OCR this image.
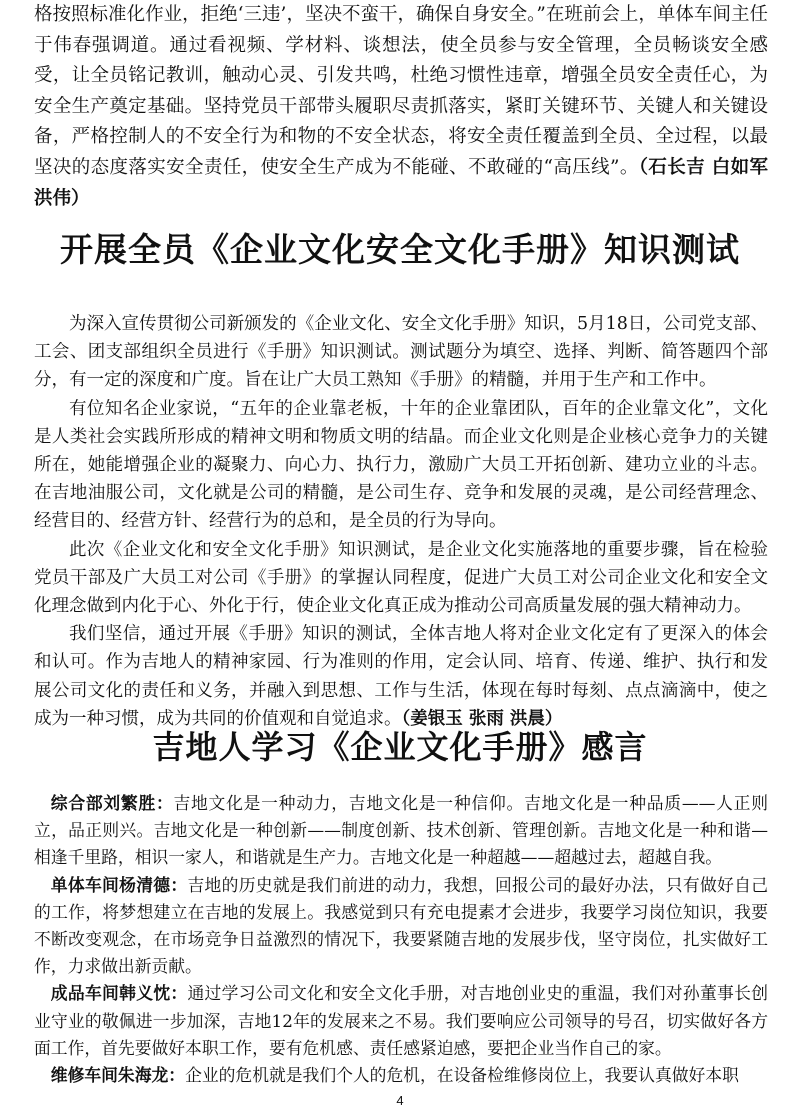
格按照标准化作业，拒绝‘三违’，坚决不蛮干，确保自身安全。”在班前会上，单体车间主任于伟春强调道。通过看视频、学材料、谈想法，使全员参与安全管理，全员畅谈安全感受，让全员铭记教训，触动心灵、引发共鸣，杜绝习惯性违章，增强全员安全责任心，为安全生产奠定基础。坚持党员干部带头履职尽责抓落实，紧盯关键环节、关键人和关键设备，严格控制人的不安全行为和物的不安全状态，将安全责任覆盖到全员、全过程，以最坚决的态度落实安全责任，使安全生产成为不能碰、不敢碰的“高压线”。（石长吉 白如军 洪伟）

开展全员《企业文化安全文化手册》知识测试

为深入宣传贯彻公司新颁发的《企业文化、安全文化手册》知识，5月18日，公司党支部、工会、团支部组织全员进行《手册》知识测试。测试题分为填空、选择、判断、简答题四个部分，有一定的深度和广度。旨在让广大员工熟知《手册》的精髓，并用于生产和工作中。

有位知名企业家说，“五年的企业靠老板，十年的企业靠团队，百年的企业靠文化”，文化是人类社会实践所形成的精神文明和物质文明的结晶。而企业文化则是企业核心竞争力的关键所在，她能增强企业的凝聚力、向心力、执行力，激励广大员工开拓创新、建功立业的斗志。在吉地油服公司，文化就是公司的精髓，是公司生存、竞争和发展的灵魂，是公司经营理念、经营目的、经营方针、经营行为的总和，是全员的行为导向。

此次《企业文化和安全文化手册》知识测试，是企业文化实施落地的重要步骤，旨在检验党员干部及广大员工对公司《手册》的掌握认同程度，促进广大员工对公司企业文化和安全文化理念做到内化于心、外化于行，使企业文化真正成为推动公司高质量发展的强大精神动力。

我们坚信，通过开展《手册》知识的测试，全体吉地人将对企业文化定有了更深入的体会和认可。作为吉地人的精神家园、行为准则的作用，定会认同、培育、传递、维护、执行和发展公司文化的责任和义务，并融入到思想、工作与生活，体现在每时每刻、点点滴滴中，使之成为一种习惯，成为共同的价值观和自觉追求。（姜银玉 张雨 洪晨）

吉地人学习《企业文化手册》感言

综合部刘繁胜：吉地文化是一种动力，吉地文化是一种信仰。吉地文化是一种品质——人正则立，品正则兴。吉地文化是一种创新——制度创新、技术创新、管理创新。吉地文化是一种和谐—相逢千里路，相识一家人，和谐就是生产力。吉地文化是一种超越——超越过去，超越自我。

单体车间杨清德：吉地的历史就是我们前进的动力，我想，回报公司的最好办法，只有做好自己的工作，将梦想建立在吉地的发展上。我感觉到只有充电提素才会进步，我要学习岗位知识，我要不断改变观念，在市场竞争日益激烈的情况下，我要紧随吉地的发展步伐，坚守岗位，扎实做好工作，力求做出新贡献。

成品车间韩义忱：通过学习公司文化和安全文化手册，对吉地创业史的重温，我们对孙董事长创业守业的敬佩进一步加深，吉地12年的发展来之不易。我们要响应公司领导的号召，切实做好各方面工作，首先要做好本职工作，要有危机感、责任感紧迫感，要把企业当作自己的家。

维修车间朱海龙：企业的危机就是我们个人的危机，在设备检维修岗位上，我要认真做好本职

4
